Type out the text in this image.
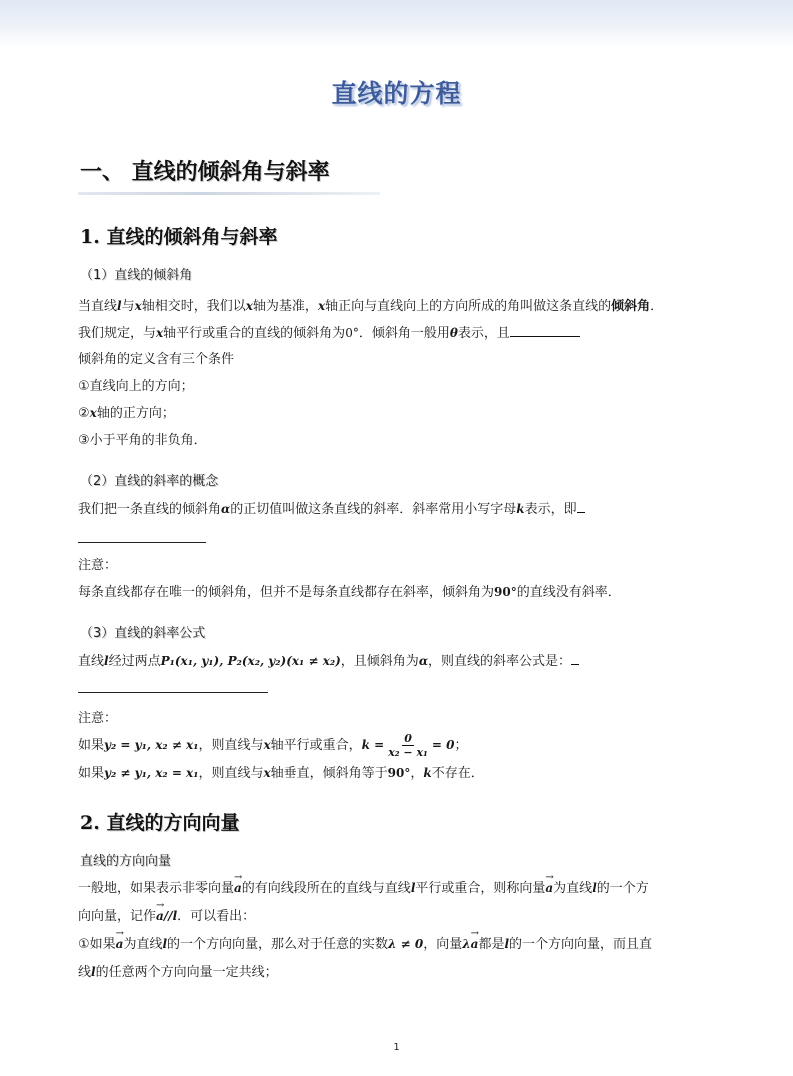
直线的方程
一、 直线的倾斜角与斜率
1. 直线的倾斜角与斜率
（1）直线的倾斜角
当直线l与x轴相交时，我们以x轴为基准，x轴正向与直线向上的方向所成的角叫做这条直线的倾斜角．
我们规定，与x轴平行或重合的直线的倾斜角为0°．倾斜角一般用θ表示，且
倾斜角的定义含有三个条件
①直线向上的方向；
②x轴的正方向；
③小于平角的非负角．
（2）直线的斜率的概念
我们把一条直线的倾斜角α的正切值叫做这条直线的斜率．斜率常用小写字母k表示，即
注意：
每条直线都存在唯一的倾斜角，但并不是每条直线都存在斜率，倾斜角为90°的直线没有斜率．
（3）直线的斜率公式
直线l经过两点P₁(x₁, y₁), P₂(x₂, y₂)(x₁ ≠ x₂)，且倾斜角为α，则直线的斜率公式是：
注意：
如果y₂ = y₁, x₂ ≠ x₁，则直线与x轴平行或重合，$k = \frac{0}{\text{x₂ − x₁}} = 0$；
如果y₂ ≠ y₁, x₂ = x₁，则直线与x轴垂直，倾斜角等于90°，k不存在．
2. 直线的方向向量
直线的方向向量
一般地，如果表示非零向量→ a的有向线段所在的直线与直线l平行或重合，则称向量→ a为直线l的一个方
向向量，记作→ a//l．可以看出：
①如果→ a为直线l的一个方向向量，那么对于任意的实数λ ≠ 0，向量λ→ a都是l的一个方向向量，而且直
线l的任意两个方向向量一定共线；
1
